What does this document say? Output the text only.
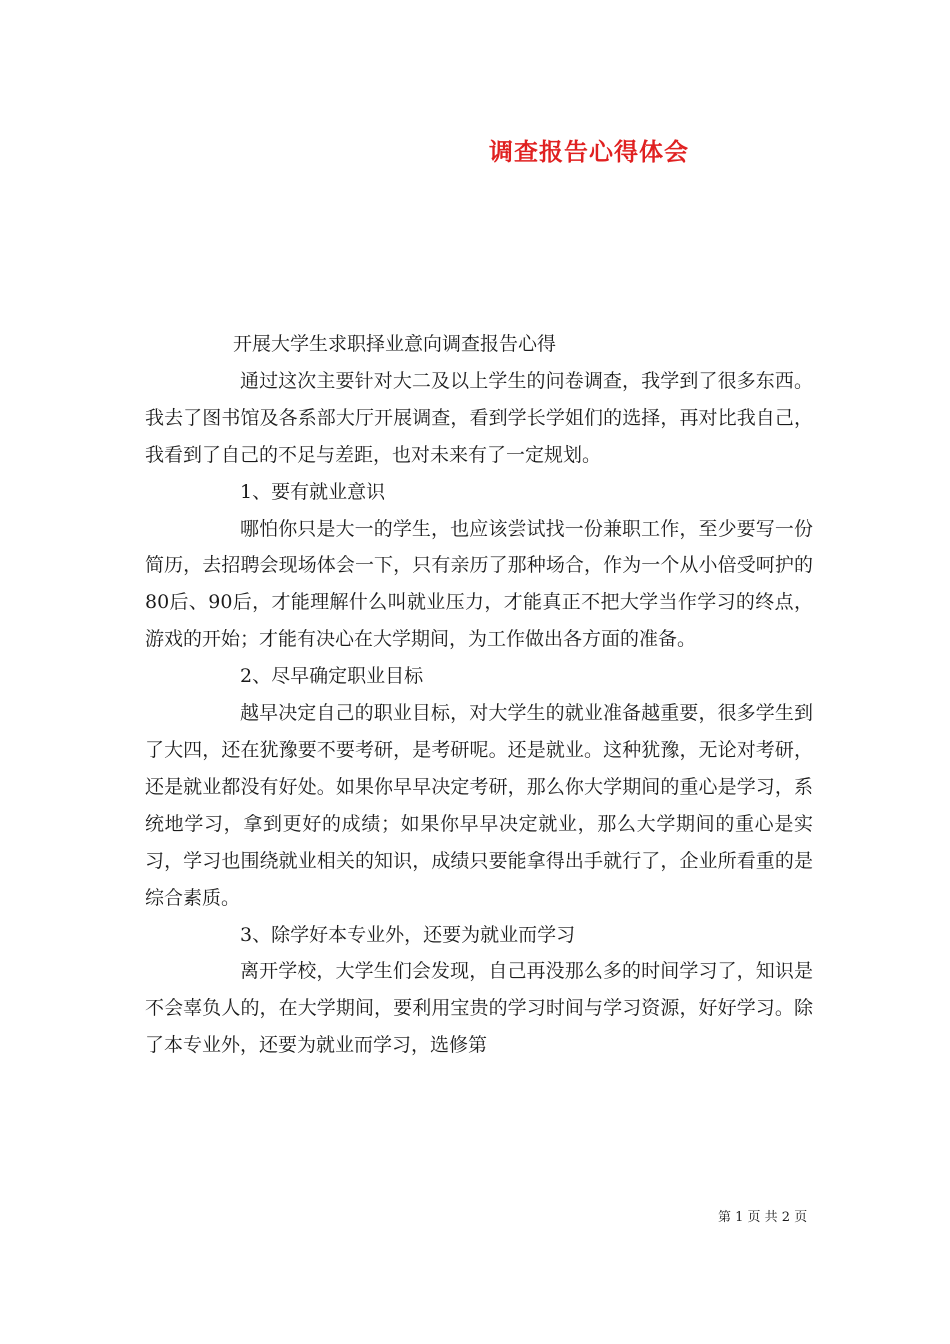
调查报告心得体会

开展大学生求职择业意向调查报告心得

通过这次主要针对大二及以上学生的问卷调查，我学到了很多东西。我去了图书馆及各系部大厅开展调查，看到学长学姐们的选择，再对比我自己，我看到了自己的不足与差距，也对未来有了一定规划。

1、要有就业意识

哪怕你只是大一的学生，也应该尝试找一份兼职工作，至少要写一份简历，去招聘会现场体会一下，只有亲历了那种场合，作为一个从小倍受呵护的80后、90后，才能理解什么叫就业压力，才能真正不把大学当作学习的终点，游戏的开始；才能有决心在大学期间，为工作做出各方面的准备。

2、尽早确定职业目标

越早决定自己的职业目标，对大学生的就业准备越重要，很多学生到了大四，还在犹豫要不要考研，是考研呢。还是就业。这种犹豫，无论对考研，还是就业都没有好处。如果你早早决定考研，那么你大学期间的重心是学习，系统地学习，拿到更好的成绩；如果你早早决定就业，那么大学期间的重心是实习，学习也围绕就业相关的知识，成绩只要能拿得出手就行了，企业所看重的是综合素质。

3、除学好本专业外，还要为就业而学习

离开学校，大学生们会发现，自己再没那么多的时间学习了，知识是不会辜负人的，在大学期间，要利用宝贵的学习时间与学习资源，好好学习。除了本专业外，还要为就业而学习，选修第

第 1 页 共 2 页
